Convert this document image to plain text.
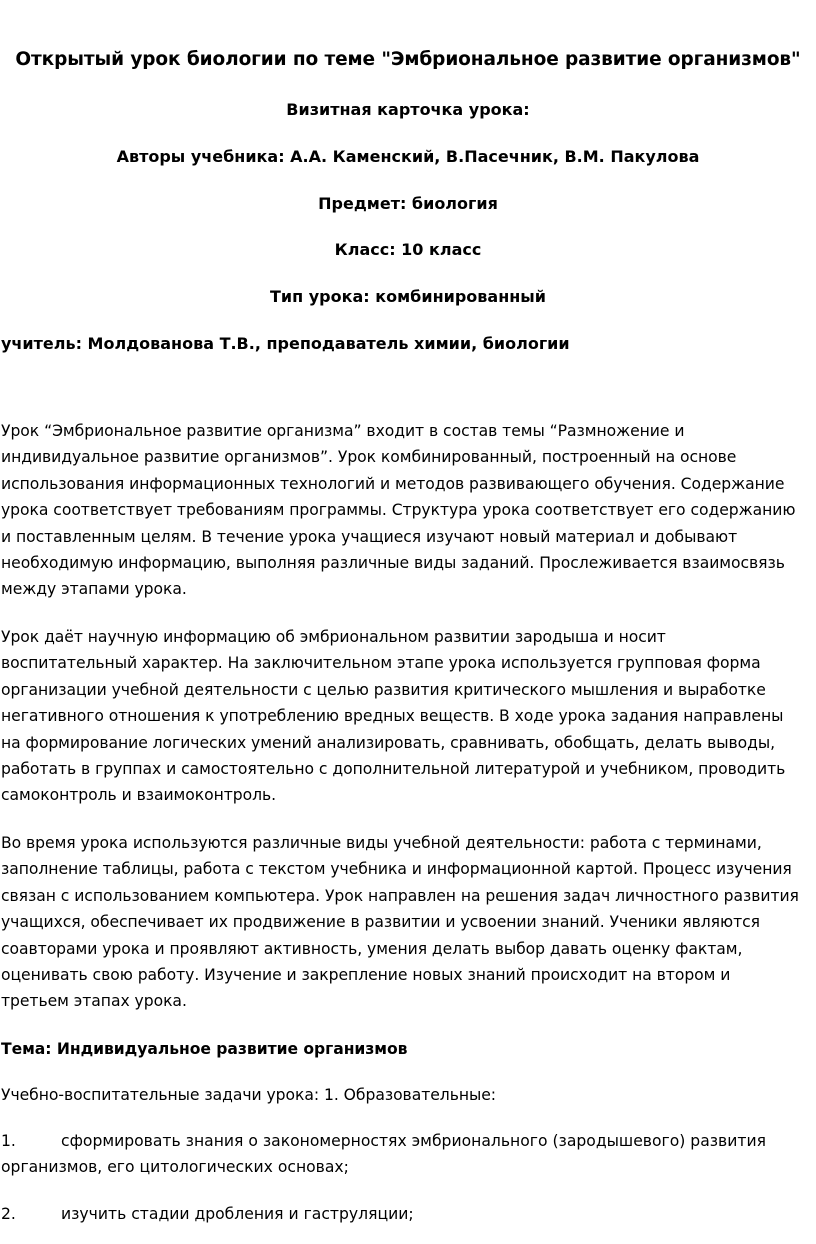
Открытый урок биологии по теме "Эмбриональное развитие организмов"

Визитная карточка урока:

Авторы учебника: А.А. Каменский, В.Пасечник, В.М. Пакулова

Предмет: биология

Класс: 10 класс

Тип урока: комбинированный

учитель: Молдованова Т.В., преподаватель химии, биологии

Урок “Эмбриональное развитие организма” входит в состав темы “Размножение и индивидуальное развитие организмов”. Урок комбинированный, построенный на основе использования информационных технологий и методов развивающего обучения. Содержание урока соответствует требованиям программы. Структура урока соответствует его содержанию и поставленным целям. В течение урока учащиеся изучают новый материал и добывают необходимую информацию, выполняя различные виды заданий. Прослеживается взаимосвязь между этапами урока.

Урок даёт научную информацию об эмбриональном развитии зародыша и носит воспитательный характер. На заключительном этапе урока используется групповая форма организации учебной деятельности с целью развития критического мышления и выработке негативного отношения к употреблению вредных веществ. В ходе урока задания направлены на формирование логических умений анализировать, сравнивать, обобщать, делать выводы, работать в группах и самостоятельно с дополнительной литературой и учебником, проводить самоконтроль и взаимоконтроль.

Во время урока используются различные виды учебной деятельности: работа с терминами, заполнение таблицы, работа с текстом учебника и информационной картой. Процесс изучения связан с использованием компьютера. Урок направлен на решения задач личностного развития учащихся, обеспечивает их продвижение в развитии и усвоении знаний. Ученики являются соавторами урока и проявляют активность, умения делать выбор давать оценку фактам, оценивать свою работу. Изучение и закрепление новых знаний происходит на втором и третьем этапах урока.

Тема: Индивидуальное развитие организмов

Учебно-воспитательные задачи урока: 1. Образовательные:

1.	сформировать знания о закономерностях эмбрионального (зародышевого) развития организмов, его цитологических основах;

2.	изучить стадии дробления и гаструляции;
